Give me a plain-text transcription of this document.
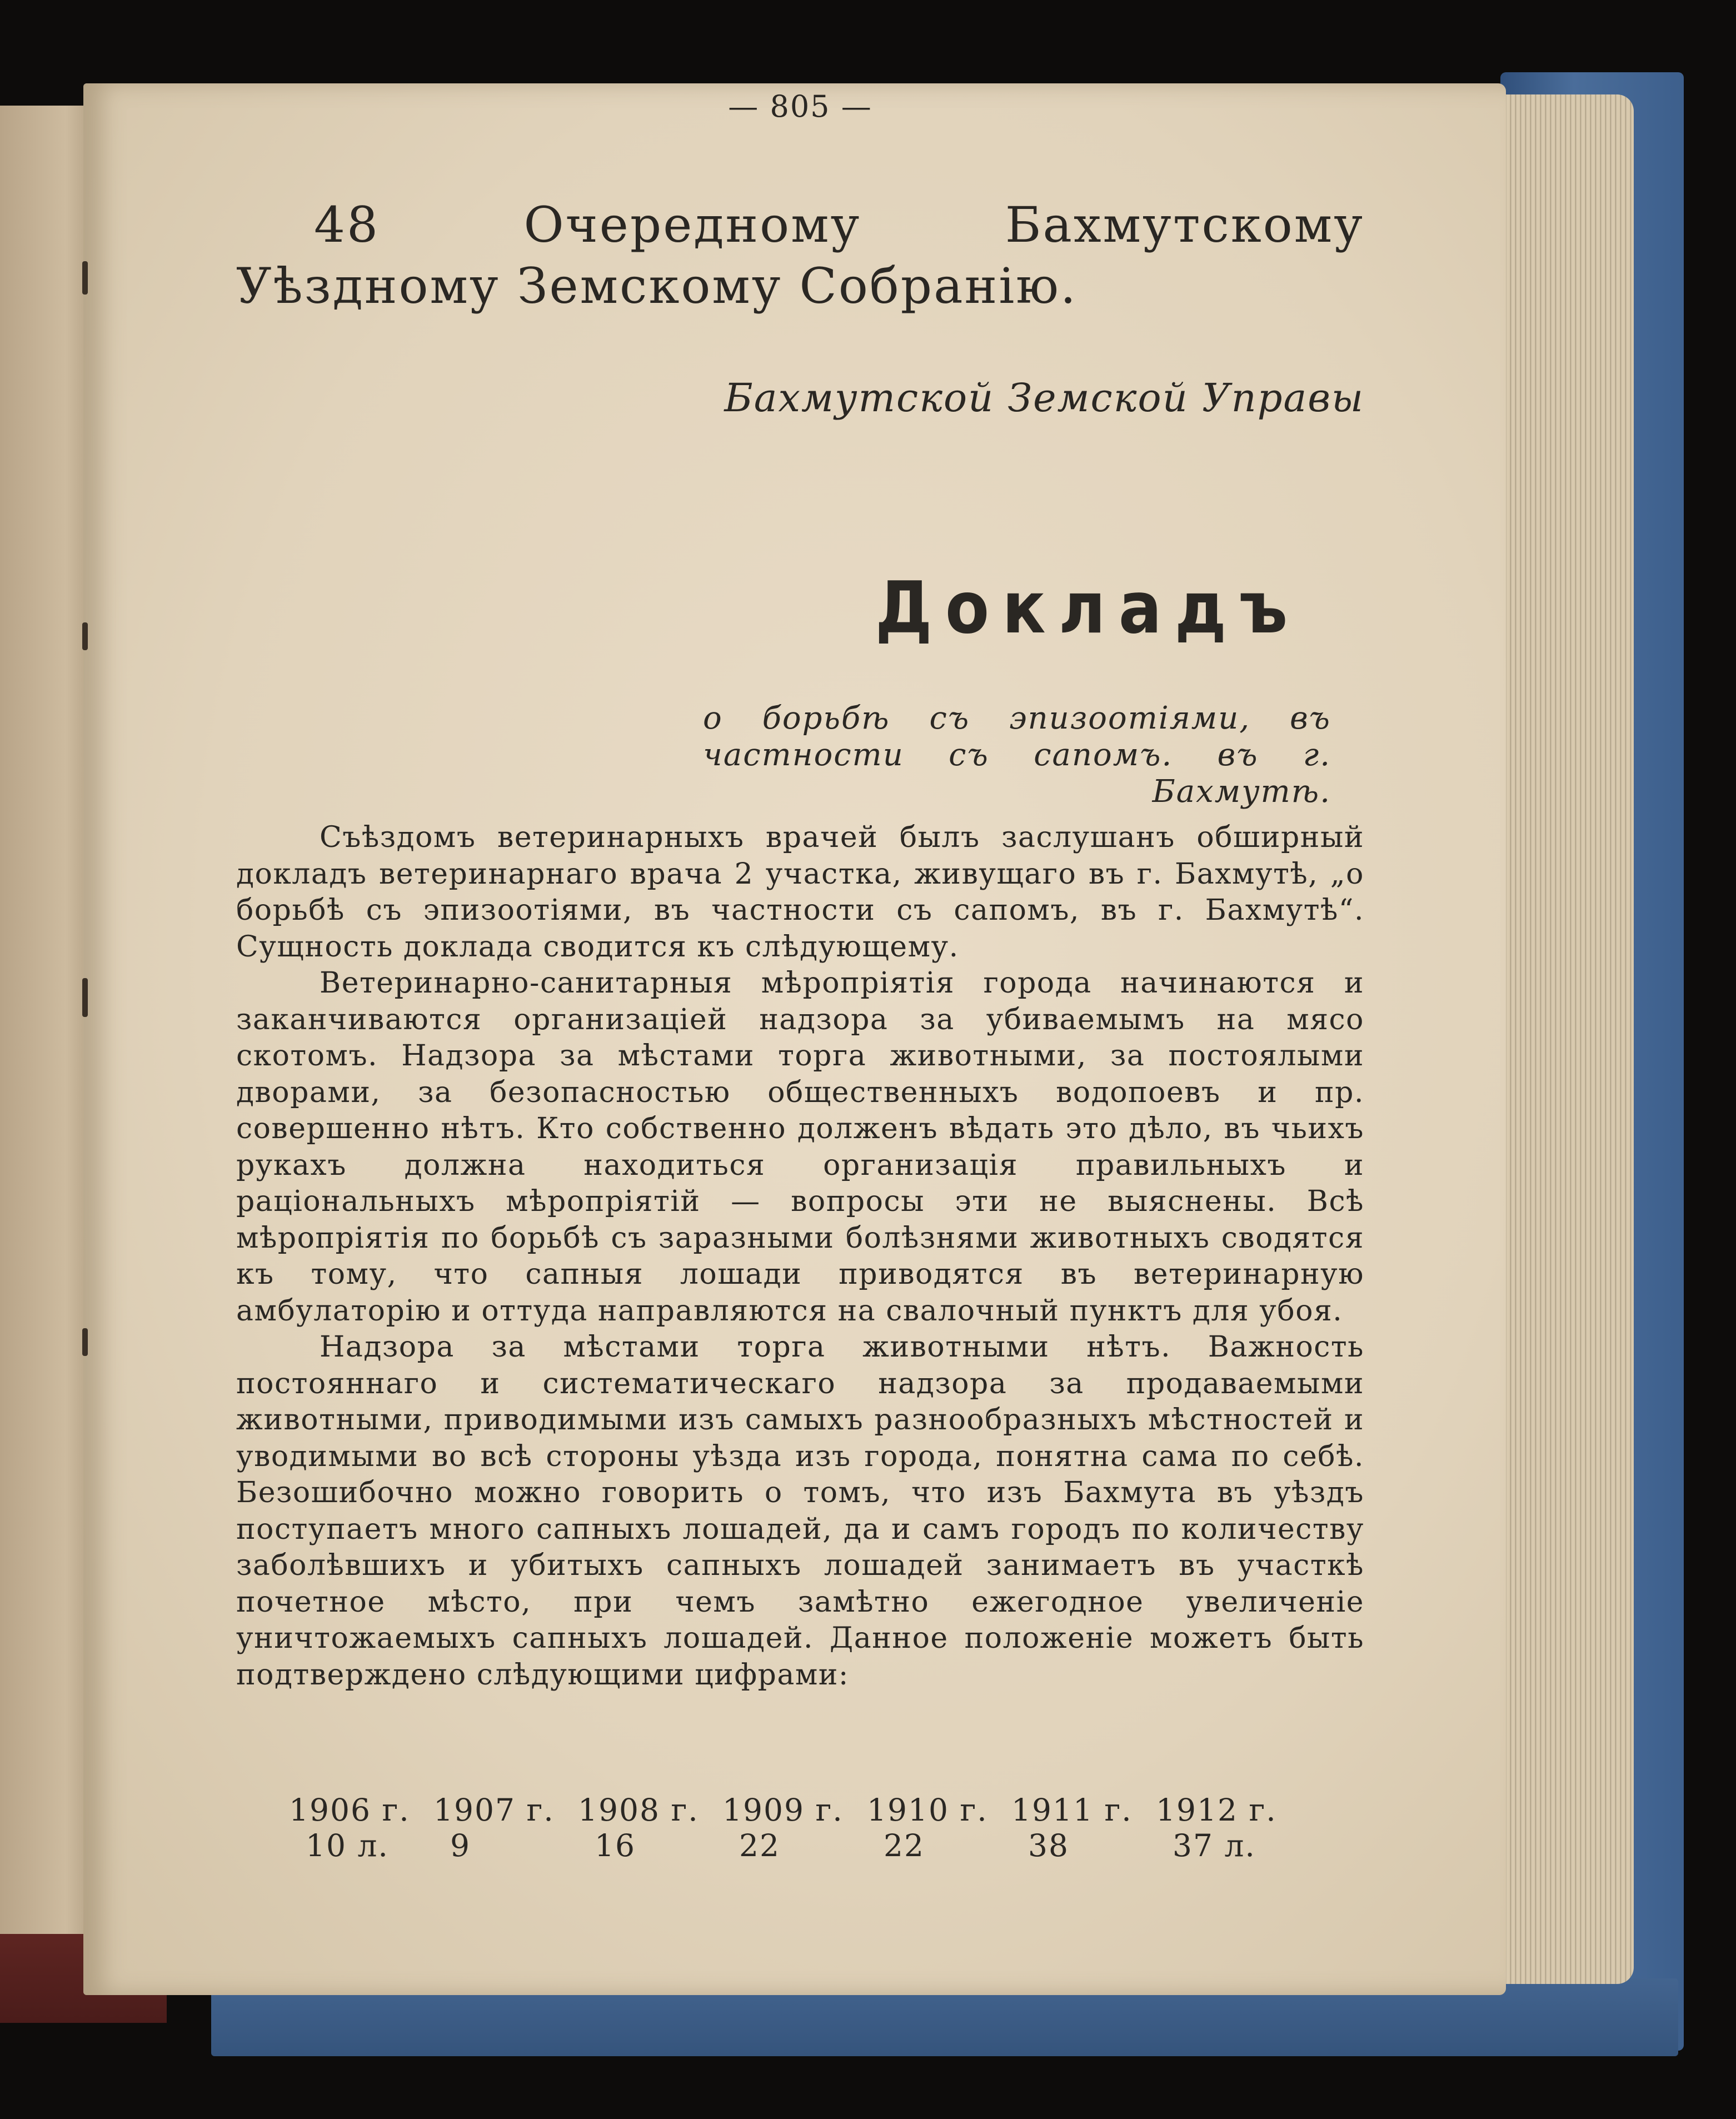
— 805 —
48	Очередному Бахмутскому Уѣздному Земскому Собранію.
Бахмутской Земской Управы
Докладъ
о борьбѣ съ эпизоотіями, въ частности съ сапомъ. въ г. Бахмутѣ.

Съѣздомъ ветеринарныхъ врачей былъ заслушанъ обширный докладъ ветеринарнаго врача 2 участка, живущаго въ г. Бахмутѣ, „о борьбѣ съ эпизоотіями, въ частности съ сапомъ, въ г. Бахмутѣ“. Сущность доклада сводится къ слѣдующему.

Ветеринарно-санитарныя мѣропріятія города начинаются и заканчиваются организаціей надзора за убиваемымъ на мясо скотомъ. Надзора за мѣстами торга животными, за постоялыми дворами, за безопасностью общественныхъ водопоевъ и пр. совершенно нѣтъ. Кто собственно долженъ вѣдать это дѣло, въ чьихъ рукахъ должна находиться организація правильныхъ и раціональныхъ мѣропріятій — вопросы эти не выяснены. Всѣ мѣропріятія по борьбѣ съ заразными болѣзнями животныхъ сводятся къ тому, что сапныя лошади приводятся въ ветеринарную амбулаторію и оттуда направляются на свалочный пунктъ для убоя.

Надзора за мѣстами торга животными нѣтъ. Важность постояннаго и систематическаго надзора за продаваемыми животными, приводимыми изъ самыхъ разнообразныхъ мѣстностей и уводимыми во всѣ стороны уѣзда изъ города, понятна сама по себѣ. Безошибочно можно говорить о томъ, что изъ Бахмута въ уѣздъ поступаетъ много сапныхъ лошадей, да и самъ городъ по количеству заболѣвшихъ и убитыхъ сапныхъ лошадей занимаетъ въ участкѣ почетное мѣсто, при чемъ замѣтно ежегодное увеличеніе уничтожаемыхъ сапныхъ лошадей. Данное положеніе можетъ быть подтверждено слѣдующими цифрами:

1906 г. 1907 г. 1908 г. 1909 г. 1910 г. 1911 г. 1912 г.
10 л.	9	16	22	22	38	37 л.
